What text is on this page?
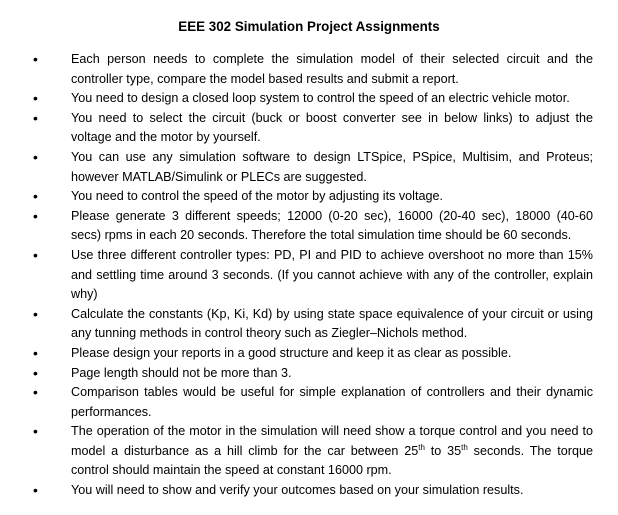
EEE 302 Simulation Project Assignments
•	Each person needs to complete the simulation model of their selected circuit and the controller type, compare the model based results and submit a report.
•	You need to design a closed loop system to control the speed of an electric vehicle motor.
•	You need to select the circuit (buck or boost converter see in below links) to adjust the voltage and the motor by yourself.
•	You can use any simulation software to design LTSpice, PSpice, Multisim, and Proteus; however MATLAB/Simulink or PLECs are suggested.
•	You need to control the speed of the motor by adjusting its voltage.
•	Please generate 3 different speeds; 12000 (0-20 sec), 16000 (20-40 sec), 18000 (40-60 secs) rpms in each 20 seconds. Therefore the total simulation time should be 60 seconds.
•	Use three different controller types: PD, PI and PID to achieve overshoot no more than 15% and settling time around 3 seconds. (If you cannot achieve with any of the controller, explain why)
•	Calculate the constants (Kp, Ki, Kd) by using state space equivalence of your circuit or using any tunning methods in control theory such as Ziegler–Nichols method.
•	Please design your reports in a good structure and keep it as clear as possible.
•	Page length should not be more than 3.
•	Comparison tables would be useful for simple explanation of controllers and their dynamic performances.
•	The operation of the motor in the simulation will need show a torque control and you need to model a disturbance as a hill climb for the car between 25th to 35th seconds. The torque control should maintain the speed at constant 16000 rpm.
•	You will need to show and verify your outcomes based on your simulation results.
